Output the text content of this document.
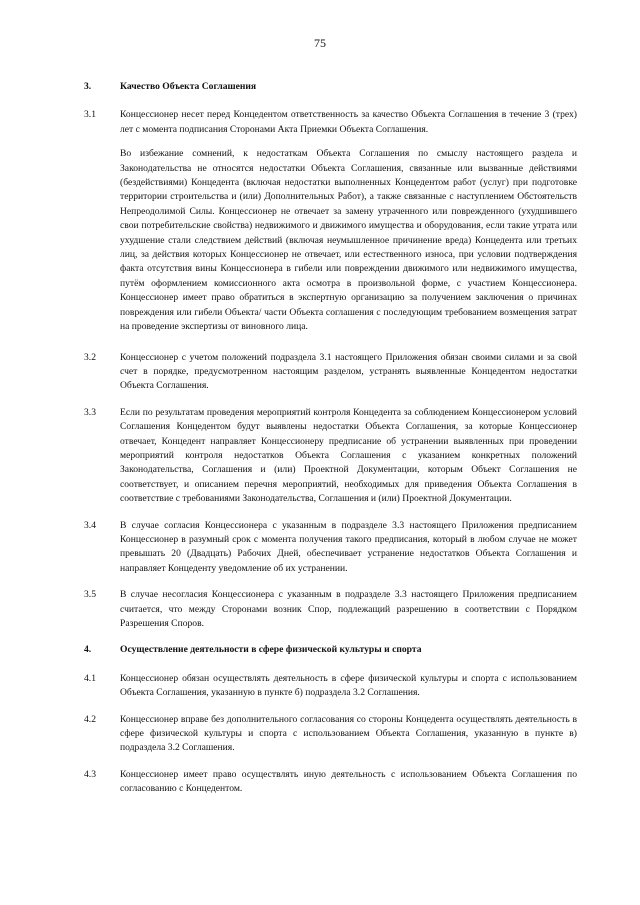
75
3.	Качество Объекта Соглашения
3.1	Концессионер несет перед Концедентом ответственность за качество Объекта Соглашения в течение 3 (трех) лет с момента подписания Сторонами Акта Приемки Объекта Соглашения.
Во избежание сомнений, к недостаткам Объекта Соглашения по смыслу настоящего раздела и Законодательства не относятся недостатки Объекта Соглашения, связанные или вызванные действиями (бездействиями) Концедента (включая недостатки выполненных Концедентом работ (услуг) при подготовке территории строительства и (или) Дополнительных Работ), а также связанные с наступлением Обстоятельств Непреодолимой Силы. Концессионер не отвечает за замену утраченного или поврежденного (ухудшившего свои потребительские свойства) недвижимого и движимого имущества и оборудования, если такие утрата или ухудшение стали следствием действий (включая неумышленное причинение вреда) Концедента или третьих лиц, за действия которых Концессионер не отвечает, или естественного износа, при условии подтверждения факта отсутствия вины Концессионера в гибели или повреждении движимого или недвижимого имущества, путём оформлением комиссионного акта осмотра в произвольной форме, с участием Концессионера. Концессионер имеет право обратиться в экспертную организацию за получением заключения о причинах повреждения или гибели Объекта/ части Объекта соглашения с последующим требованием возмещения затрат на проведение экспертизы от виновного лица.
3.2	Концессионер с учетом положений подраздела 3.1 настоящего Приложения обязан своими силами и за свой счет в порядке, предусмотренном настоящим разделом, устранять выявленные Концедентом недостатки Объекта Соглашения.
3.3	Если по результатам проведения мероприятий контроля Концедента за соблюдением Концессионером условий Соглашения Концедентом будут выявлены недостатки Объекта Соглашения, за которые Концессионер отвечает, Концедент направляет Концессионеру предписание об устранении выявленных при проведении мероприятий контроля недостатков Объекта Соглашения с указанием конкретных положений Законодательства, Соглашения и (или) Проектной Документации, которым Объект Соглашения не соответствует, и описанием перечня мероприятий, необходимых для приведения Объекта Соглашения в соответствие с требованиями Законодательства, Соглашения и (или) Проектной Документации.
3.4	В случае согласия Концессионера с указанным в подразделе 3.3 настоящего Приложения предписанием Концессионер в разумный срок с момента получения такого предписания, который в любом случае не может превышать 20 (Двадцать) Рабочих Дней, обеспечивает устранение недостатков Объекта Соглашения и направляет Концеденту уведомление об их устранении.
3.5	В случае несогласия Концессионера с указанным в подразделе 3.3 настоящего Приложения предписанием считается, что между Сторонами возник Спор, подлежащий разрешению в соответствии с Порядком Разрешения Споров.
4.	Осуществление деятельности в сфере физической культуры и спорта
4.1	Концессионер обязан осуществлять деятельность в сфере физической культуры и спорта с использованием Объекта Соглашения, указанную в пункте б) подраздела 3.2 Соглашения.
4.2	Концессионер вправе без дополнительного согласования со стороны Концедента осуществлять деятельность в сфере физической культуры и спорта с использованием Объекта Соглашения, указанную в пункте в) подраздела 3.2 Соглашения.
4.3	Концессионер имеет право осуществлять иную деятельность с использованием Объекта Соглашения по согласованию с Концедентом.
